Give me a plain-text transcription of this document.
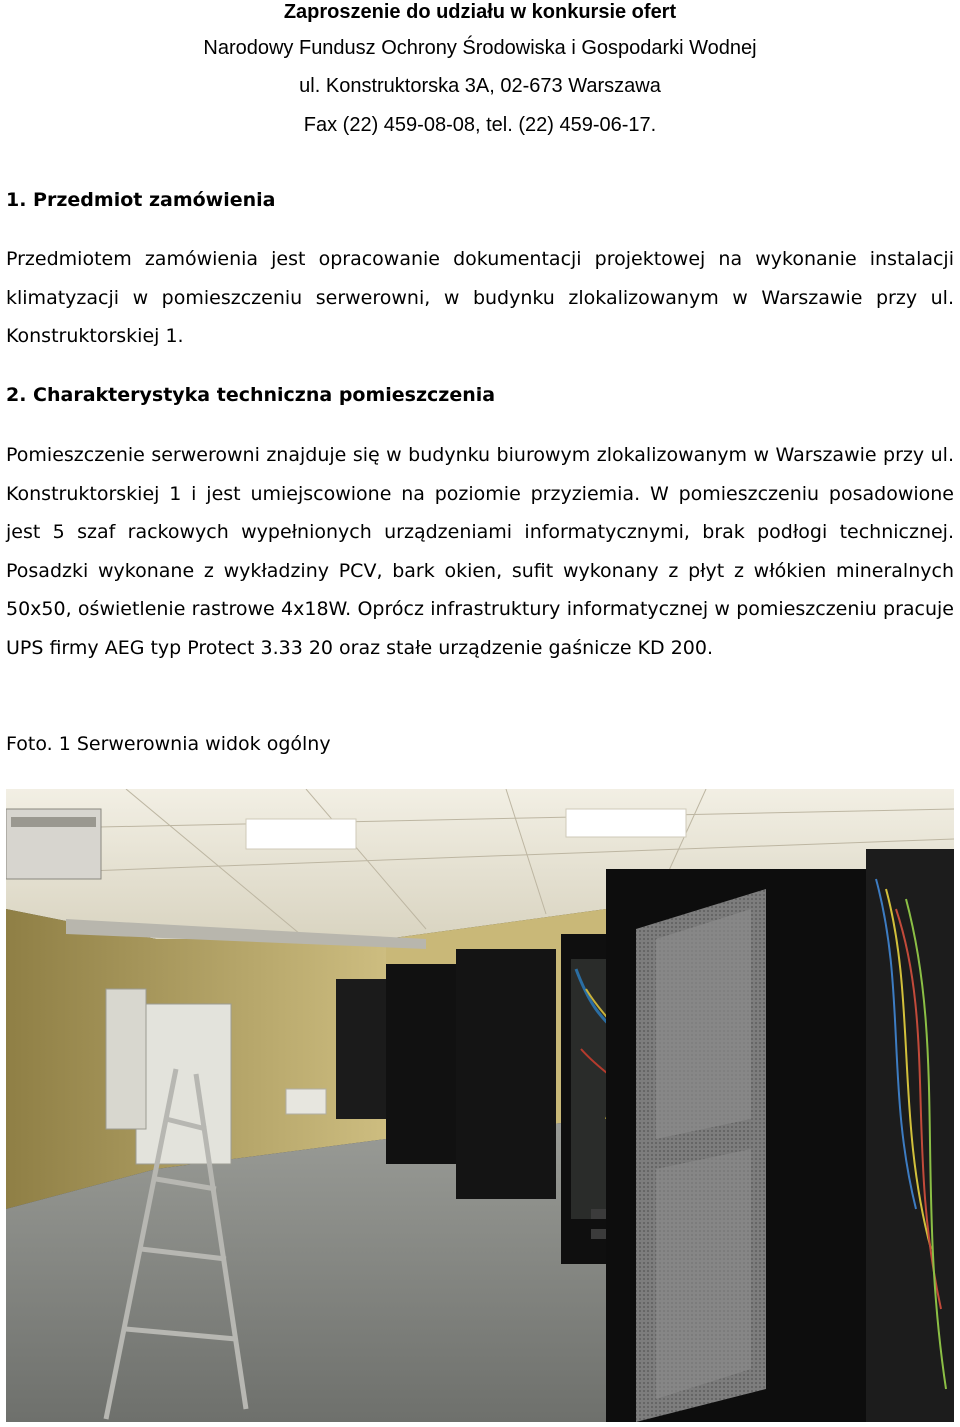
Zaproszenie do udziału w konkursie ofert
Narodowy Fundusz Ochrony Środowiska i Gospodarki Wodnej
ul. Konstruktorska 3A, 02-673 Warszawa
Fax (22) 459-08-08, tel. (22) 459-06-17.
1. Przedmiot zamówienia

Przedmiotem zamówienia jest opracowanie dokumentacji projektowej na wykonanie instalacji klimatyzacji w pomieszczeniu serwerowni, w budynku zlokalizowanym w Warszawie przy ul. Konstruktorskiej 1.

2. Charakterystyka techniczna pomieszczenia

Pomieszczenie serwerowni znajduje się w budynku biurowym zlokalizowanym w Warszawie przy ul. Konstruktorskiej 1 i jest umiejscowione na poziomie przyziemia. W pomieszczeniu posadowione jest 5 szaf rackowych wypełnionych urządzeniami informatycznymi, brak podłogi technicznej. Posadzki wykonane z wykładziny PCV, bark okien, sufit wykonany z płyt z włókien mineralnych 50x50, oświetlenie rastrowe 4x18W. Oprócz infrastruktury informatycznej w pomieszczeniu pracuje UPS firmy AEG typ Protect 3.33 20 oraz stałe urządzenie gaśnicze KD 200.

Foto. 1 Serwerownia widok ogólny
